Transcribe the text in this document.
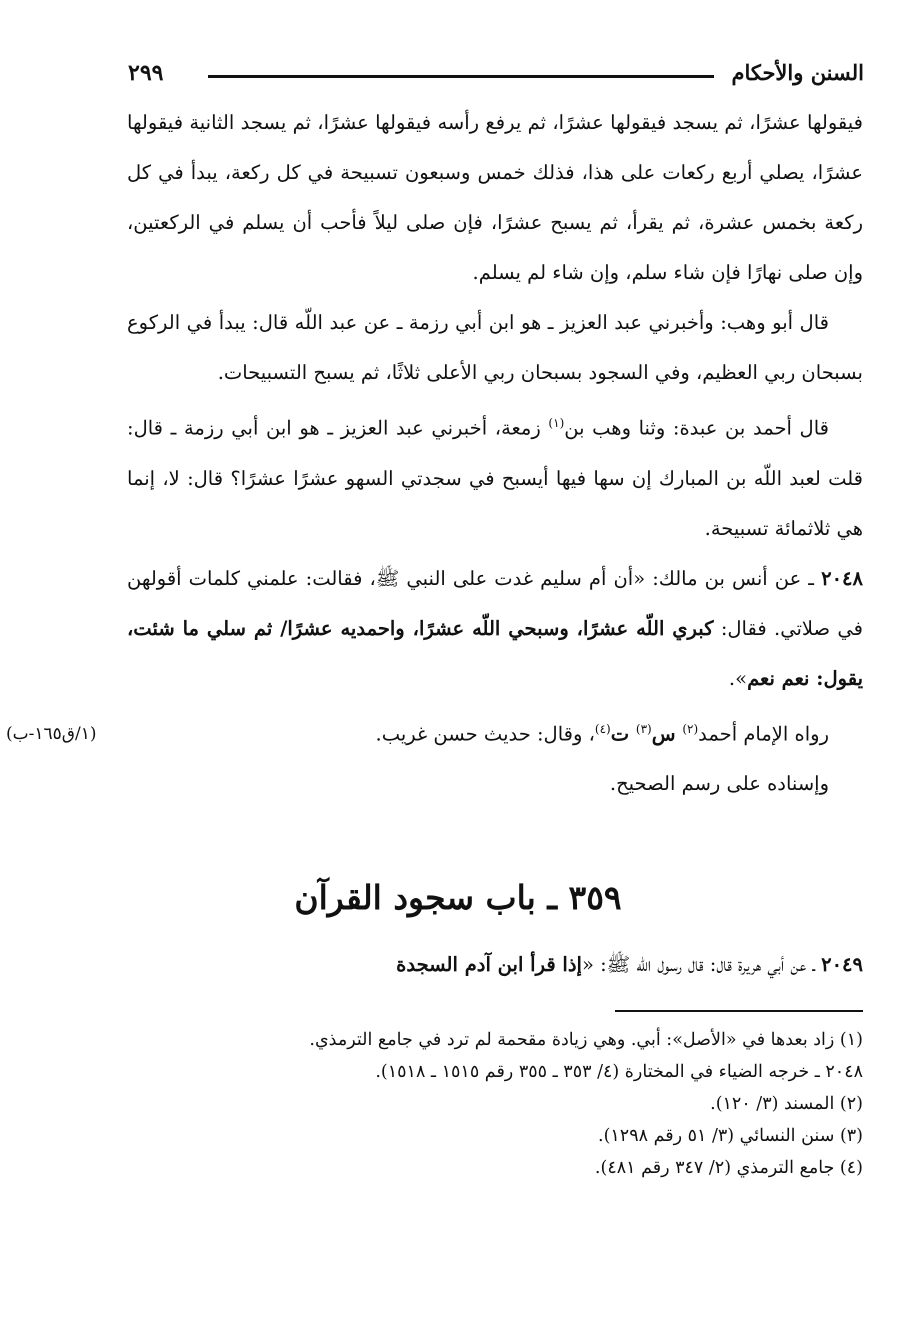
السنن والأحكام
٢٩٩

فيقولها عشرًا، ثم يسجد فيقولها عشرًا، ثم يرفع رأسه فيقولها عشرًا، ثم يسجد الثانية فيقولها عشرًا، يصلي أربع ركعات على هذا، فذلك خمس وسبعون تسبيحة في كل ركعة، يبدأ في كل ركعة بخمس عشرة، ثم يقرأ، ثم يسبح عشرًا، فإن صلى ليلاً فأحب أن يسلم في الركعتين، وإن صلى نهارًا فإن شاء سلم، وإن شاء لم يسلم.

قال أبو وهب: وأخبرني عبد العزيز ـ هو ابن أبي رزمة ـ عن عبد اللّه قال: يبدأ في الركوع بسبحان ربي العظيم، وفي السجود بسبحان ربي الأعلى ثلاثًا، ثم يسبح التسبيحات.

قال أحمد بن عبدة: وثنا وهب بن$^{(١)}$ زمعة، أخبرني عبد العزيز ـ هو ابن أبي رزمة ـ قال: قلت لعبد اللّه بن المبارك إن سها فيها أيسبح في سجدتي السهو عشرًا عشرًا؟ قال: لا، إنما هي ثلاثمائة تسبيحة.

٢٠٤٨ ـ عن أنس بن مالك: «أن أم سليم غدت على النبي ﷺ، فقالت: علمني كلمات أقولهن في صلاتي. فقال: كبري اللّه عشرًا، وسبحي اللّه عشرًا، واحمديه عشرًا/ ثم سلي ما شئت، يقول: نعم نعم».

رواه الإمام أحمد$^{(٢)}$ س$^{(٣)}$ ت$^{(٤)}$، وقال: حديث حسن غريب.

وإسناده على رسم الصحيح.

(١/ق١٦٥-ب)
٣٥٩ ـ باب سجود القرآن

٢٠٤٩ ـ عن أبي هريرة قال: قال رسول اللّه ﷺ: «إذا قرأ ابن آدم السجدة

(١) زاد بعدها في «الأصل»: أبي. وهي زيادة مقحمة لم ترد في جامع الترمذي.

٢٠٤٨ ـ خرجه الضياء في المختارة (٤/ ٣٥٣ ـ ٣٥٥ رقم ١٥١٥ ـ ١٥١٨).

(٢) المسند (٣/ ١٢٠).

(٣) سنن النسائي (٣/ ٥١ رقم ١٢٩٨).

(٤) جامع الترمذي (٢/ ٣٤٧ رقم ٤٨١).
